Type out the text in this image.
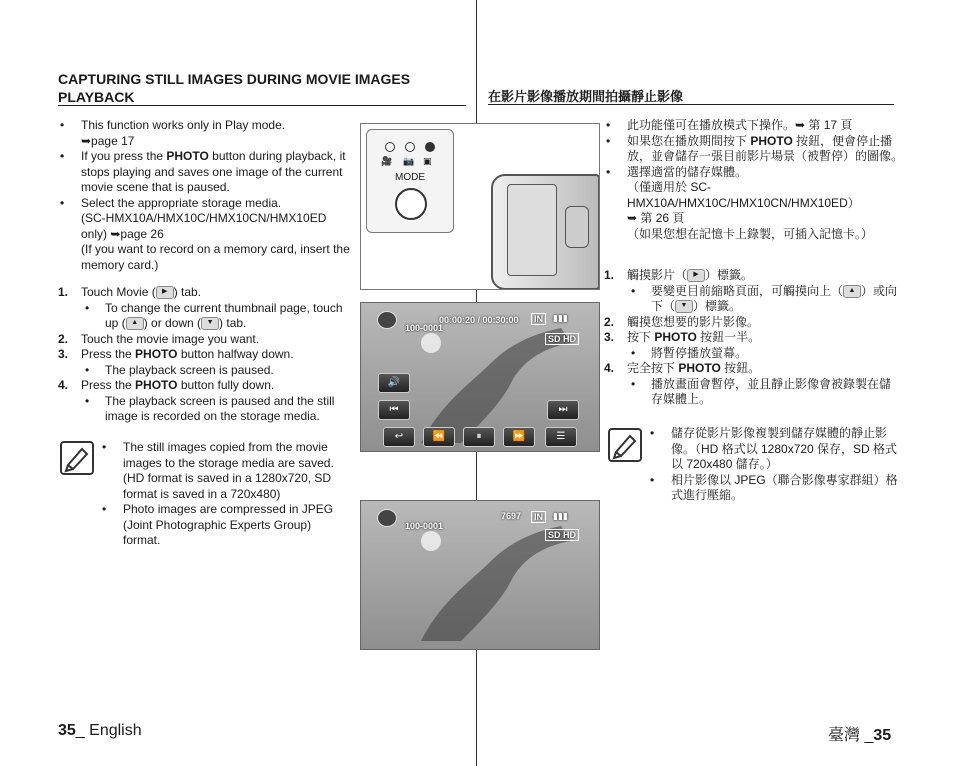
CAPTURING STILL IMAGES DURING MOVIE IMAGES PLAYBACK	在影片影像播放期間拍攝靜止影像
• This function works only in Play mode.
➥page 17
• If you press the PHOTO button during playback, it stops playing and saves one image of the current movie scene that is paused.
• Select the appropriate storage media.
(SC-HMX10A/HMX10C/HMX10CN/HMX10ED only) ➥page 26
(If you want to record on a memory card, insert the memory card.)
1. Touch Movie ( ▶ ) tab.
• To change the current thumbnail page, touch up ( ▲ ) or down ( ▼ ) tab.
2. Touch the movie image you want.
3. Press the PHOTO button halfway down.
• The playback screen is paused.
4. Press the PHOTO button fully down.
• The playback screen is paused and the still image is recorded on the storage media.
• The still images copied from the movie images to the storage media are saved. (HD format is saved in a 1280x720, SD format is saved in a 720x480)
• Photo images are compressed in JPEG (Joint Photographic Experts Group) format.
🎥 📷 ▣
MODE
00:00:20 / 00:30:00
100-0001
IN	▮▮▮
SD HD
🔊
⏮	⏭
↩	⏪	⏸	⏩	☰
7697
100-0001
IN	▮▮▮
SD HD
• 此功能僅可在播放模式下操作。➥ 第 17 頁
• 如果您在播放期間按下 PHOTO 按鈕，便會停止播放，並會儲存一張目前影片場景（被暫停）的圖像。
• 選擇適當的儲存媒體。
（僅適用於 SC-HMX10A/HMX10C/HMX10CN/HMX10ED）
➥ 第 26 頁
（如果您想在記憶卡上錄製，可插入記憶卡。）
1. 觸摸影片（ ▶ ）標籤。
• 要變更目前縮略頁面，可觸摸向上（ ▲ ）或向下（ ▼ ）標籤。
2. 觸摸您想要的影片影像。
3. 按下 PHOTO 按鈕一半。
• 將暫停播放螢幕。
4. 完全按下 PHOTO 按鈕。
• 播放畫面會暫停，並且靜止影像會被錄製在儲存媒體上。
• 儲存從影片影像複製到儲存媒體的靜止影像。（HD 格式以 1280x720 保存，SD 格式以 720x480 儲存。）
• 相片影像以 JPEG（聯合影像專家群組）格式進行壓縮。
35_ English	臺灣 _35
